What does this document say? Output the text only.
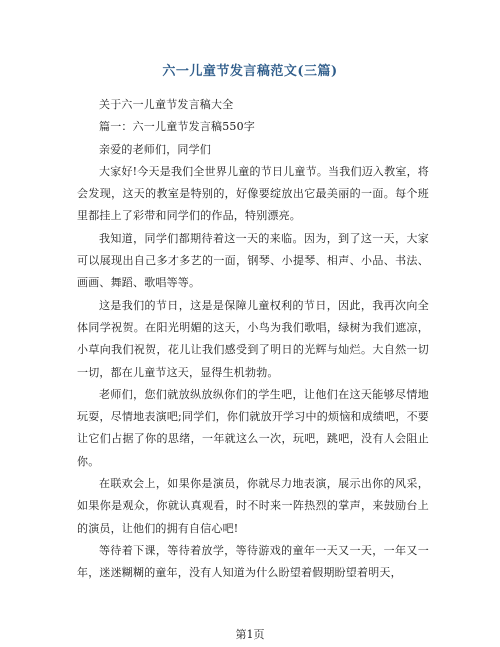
六一儿童节发言稿范文(三篇)

关于六一儿童节发言稿大全

篇一：六一儿童节发言稿550字

亲爱的老师们，同学们

大家好!今天是我们全世界儿童的节日儿童节。当我们迈入教室，将会发现，这天的教室是特别的，好像要绽放出它最美丽的一面。每个班里都挂上了彩带和同学们的作品，特别漂亮。

我知道，同学们都期待着这一天的来临。因为，到了这一天，大家可以展现出自己多才多艺的一面，钢琴、小提琴、相声、小品、书法、画画、舞蹈、歌唱等等。

这是我们的节日，这是是保障儿童权利的节日，因此，我再次向全体同学祝贺。在阳光明媚的这天，小鸟为我们歌唱，绿树为我们遮凉，小草向我们祝贺，花儿让我们感受到了明日的光辉与灿烂。大自然一切一切，都在儿童节这天，显得生机勃勃。

老师们，您们就放纵放纵你们的学生吧，让他们在这天能够尽情地玩耍，尽情地表演吧;同学们，你们就放开学习中的烦恼和成绩吧，不要让它们占据了你的思绪，一年就这么一次，玩吧，跳吧，没有人会阻止你。

在联欢会上，如果你是演员，你就尽力地表演，展示出你的风采，如果你是观众，你就认真观看，时不时来一阵热烈的掌声，来鼓励台上的演员，让他们的拥有自信心吧!

等待着下课，等待着放学，等待游戏的童年一天又一天，一年又一年，迷迷糊糊的童年，没有人知道为什么盼望着假期盼望着明天，

第1页
